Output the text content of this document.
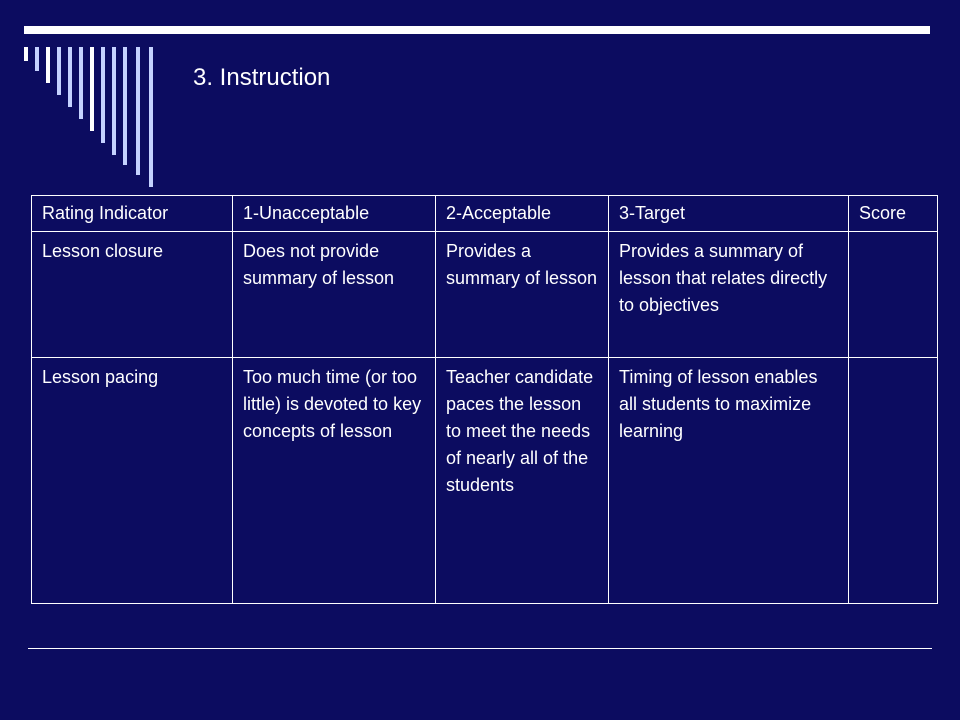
3. Instruction
Rating Indicator	1-Unacceptable	2-Acceptable	3-Target	Score
Lesson closure	Does not provide summary of lesson	Provides a summary of lesson	Provides a summary of lesson that relates directly to objectives	
Lesson pacing	Too much time (or too little) is devoted to key concepts of lesson	Teacher candidate paces the lesson to meet the needs of nearly all of the students	Timing of lesson enables all students to maximize learning	
